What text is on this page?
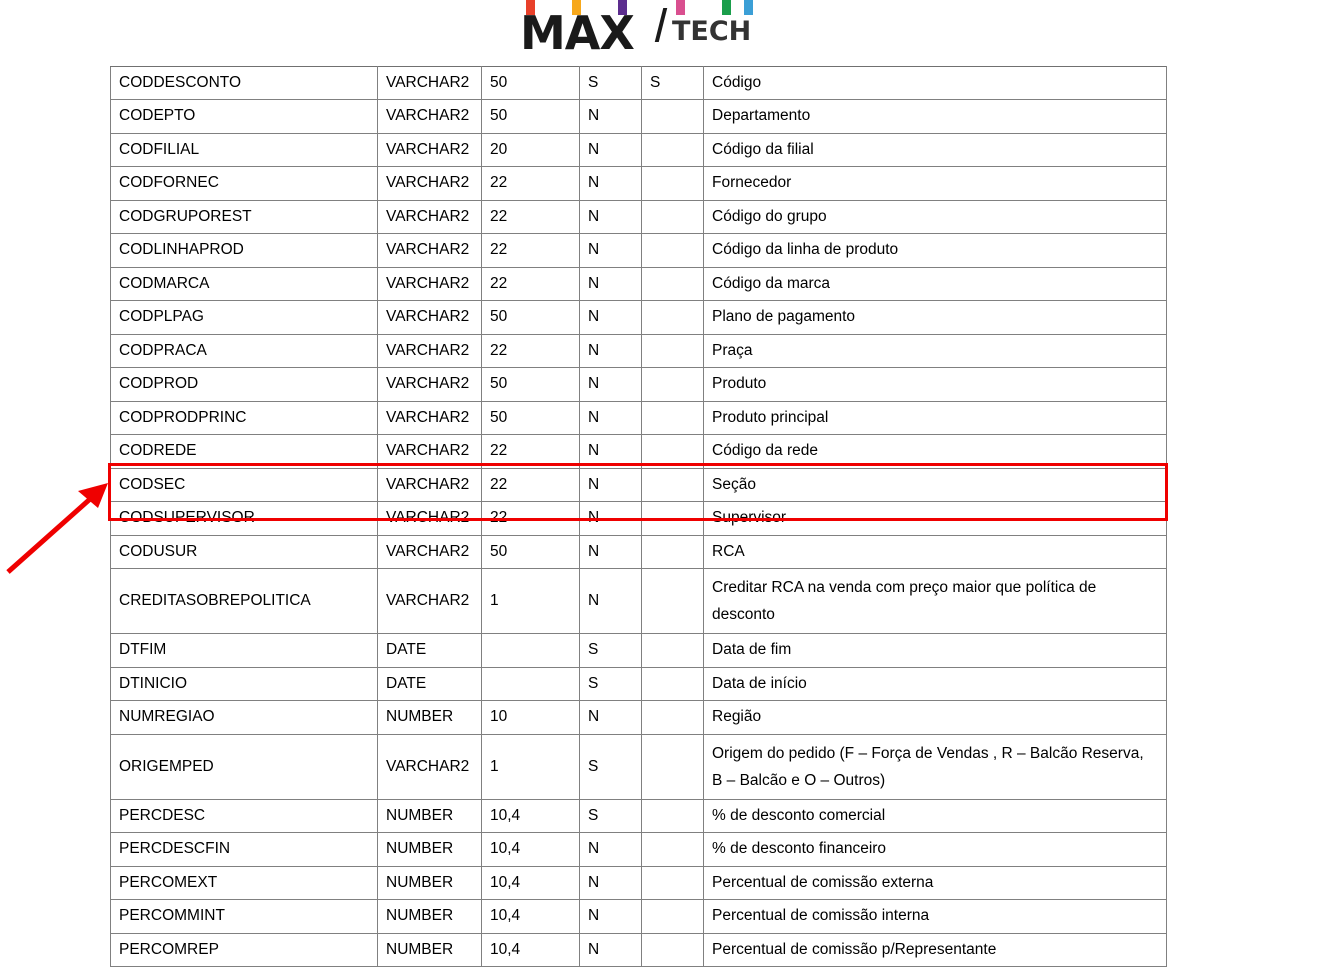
MAX TECH
CODDESCONTO	VARCHAR2	50	S	S	Código
CODEPTO	VARCHAR2	50	N		Departamento
CODFILIAL	VARCHAR2	20	N		Código da filial
CODFORNEC	VARCHAR2	22	N		Fornecedor
CODGRUPOREST	VARCHAR2	22	N		Código do grupo
CODLINHAPROD	VARCHAR2	22	N		Código da linha de produto
CODMARCA	VARCHAR2	22	N		Código da marca
CODPLPAG	VARCHAR2	50	N		Plano de pagamento
CODPRACA	VARCHAR2	22	N		Praça
CODPROD	VARCHAR2	50	N		Produto
CODPRODPRINC	VARCHAR2	50	N		Produto principal
CODREDE	VARCHAR2	22	N		Código da rede
CODSEC	VARCHAR2	22	N		Seção
CODSUPERVISOR	VARCHAR2	22	N		Supervisor
CODUSUR	VARCHAR2	50	N		RCA
CREDITASOBREPOLITICA	VARCHAR2	1	N		Creditar RCA na venda com preço maior que política de desconto
DTFIM	DATE		S		Data de fim
DTINICIO	DATE		S		Data de início
NUMREGIAO	NUMBER	10	N		Região
ORIGEMPED	VARCHAR2	1	S		Origem do pedido (F – Força de Vendas , R – Balcão Reserva, B – Balcão e O – Outros)
PERCDESC	NUMBER	10,4	S		% de desconto comercial
PERCDESCFIN	NUMBER	10,4	N		% de desconto financeiro
PERCOMEXT	NUMBER	10,4	N		Percentual de comissão externa
PERCOMMINT	NUMBER	10,4	N		Percentual de comissão interna
PERCOMREP	NUMBER	10,4	N		Percentual de comissão p/Representante
